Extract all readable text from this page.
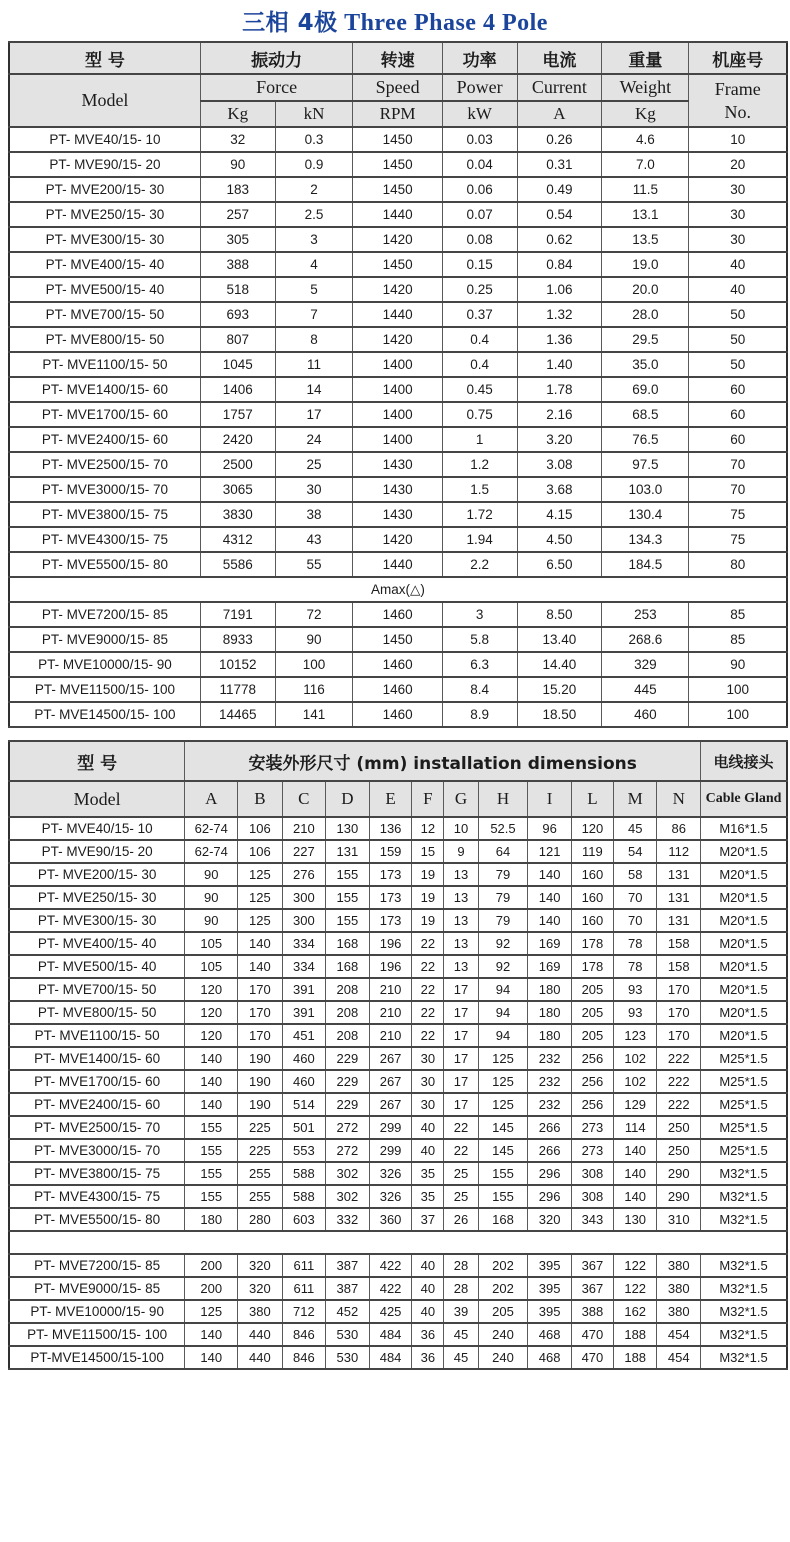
三相 4极 Three Phase 4 Pole
型 号	振动力		转速	功率	电流	重量	机座号
Model	Force		Speed	Power	Current	Weight	Frame
No.

	Kg	kN	RPM	kW	A	Kg	
PT- MVE40/15- 10	32	0.3	1450	0.03	0.26	4.6	10
PT- MVE90/15- 20	90	0.9	1450	0.04	0.31	7.0	20
PT- MVE200/15- 30	183	2	1450	0.06	0.49	11.5	30
PT- MVE250/15- 30	257	2.5	1440	0.07	0.54	13.1	30
PT- MVE300/15- 30	305	3	1420	0.08	0.62	13.5	30
PT- MVE400/15- 40	388	4	1450	0.15	0.84	19.0	40
PT- MVE500/15- 40	518	5	1420	0.25	1.06	20.0	40
PT- MVE700/15- 50	693	7	1440	0.37	1.32	28.0	50
PT- MVE800/15- 50	807	8	1420	0.4	1.36	29.5	50
PT- MVE1100/15- 50	1045	11	1400	0.4	1.40	35.0	50
PT- MVE1400/15- 60	1406	14	1400	0.45	1.78	69.0	60
PT- MVE1700/15- 60	1757	17	1400	0.75	2.16	68.5	60
PT- MVE2400/15- 60	2420	24	1400	1	3.20	76.5	60
PT- MVE2500/15- 70	2500	25	1430	1.2	3.08	97.5	70
PT- MVE3000/15- 70	3065	30	1430	1.5	3.68	103.0	70
PT- MVE3800/15- 75	3830	38	1430	1.72	4.15	130.4	75
PT- MVE4300/15- 75	4312	43	1420	1.94	4.50	134.3	75
PT- MVE5500/15- 80	5586	55	1440	2.2	6.50	184.5	80
Amax(△)							
PT- MVE7200/15- 85	7191	72	1460	3	8.50	253	85
PT- MVE9000/15- 85	8933	90	1450	5.8	13.40	268.6	85
PT- MVE10000/15- 90	10152	100	1460	6.3	14.40	329	90
PT- MVE11500/15- 100	11778	116	1460	8.4	15.20	445	100
PT- MVE14500/15- 100	14465	141	1460	8.9	18.50	460	100
型 号	安装外形尺寸 (mm) installation dimensions												电线接头
Model	A	B	C	D	E	F	G	H	I	L	M	N	Cable Gland
PT- MVE40/15- 10	62-74	106	210	130	136	12	10	52.5	96	120	45	86	M16*1.5
PT- MVE90/15- 20	62-74	106	227	131	159	15	9	64	121	119	54	112	M20*1.5
PT- MVE200/15- 30	90	125	276	155	173	19	13	79	140	160	58	131	M20*1.5
PT- MVE250/15- 30	90	125	300	155	173	19	13	79	140	160	70	131	M20*1.5
PT- MVE300/15- 30	90	125	300	155	173	19	13	79	140	160	70	131	M20*1.5
PT- MVE400/15- 40	105	140	334	168	196	22	13	92	169	178	78	158	M20*1.5
PT- MVE500/15- 40	105	140	334	168	196	22	13	92	169	178	78	158	M20*1.5
PT- MVE700/15- 50	120	170	391	208	210	22	17	94	180	205	93	170	M20*1.5
PT- MVE800/15- 50	120	170	391	208	210	22	17	94	180	205	93	170	M20*1.5
PT- MVE1100/15- 50	120	170	451	208	210	22	17	94	180	205	123	170	M20*1.5
PT- MVE1400/15- 60	140	190	460	229	267	30	17	125	232	256	102	222	M25*1.5
PT- MVE1700/15- 60	140	190	460	229	267	30	17	125	232	256	102	222	M25*1.5
PT- MVE2400/15- 60	140	190	514	229	267	30	17	125	232	256	129	222	M25*1.5
PT- MVE2500/15- 70	155	225	501	272	299	40	22	145	266	273	114	250	M25*1.5
PT- MVE3000/15- 70	155	225	553	272	299	40	22	145	266	273	140	250	M25*1.5
PT- MVE3800/15- 75	155	255	588	302	326	35	25	155	296	308	140	290	M32*1.5
PT- MVE4300/15- 75	155	255	588	302	326	35	25	155	296	308	140	290	M32*1.5
PT- MVE5500/15- 80	180	280	603	332	360	37	26	168	320	343	130	310	M32*1.5

PT- MVE7200/15- 85	200	320	611	387	422	40	28	202	395	367	122	380	M32*1.5
PT- MVE9000/15- 85	200	320	611	387	422	40	28	202	395	367	122	380	M32*1.5
PT- MVE10000/15- 90	125	380	712	452	425	40	39	205	395	388	162	380	M32*1.5
PT- MVE11500/15- 100	140	440	846	530	484	36	45	240	468	470	188	454	M32*1.5
PT-MVE14500/15-100	140	440	846	530	484	36	45	240	468	470	188	454	M32*1.5
